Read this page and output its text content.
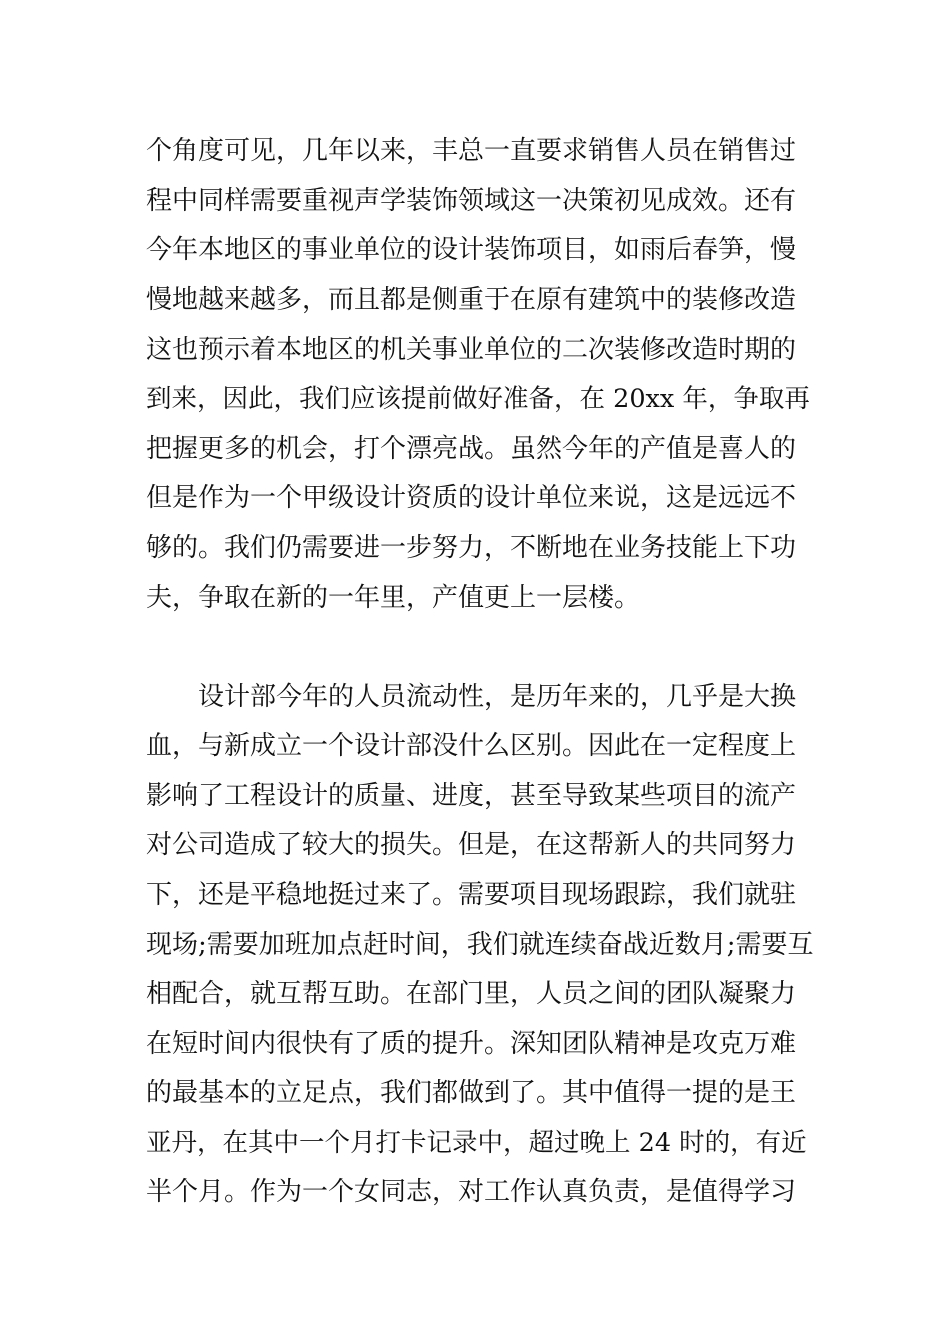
个角度可见，几年以来，丰总一直要求销售人员在销售过
程中同样需要重视声学装饰领域这一决策初见成效。还有
今年本地区的事业单位的设计装饰项目，如雨后春笋，慢
慢地越来越多，而且都是侧重于在原有建筑中的装修改造
这也预示着本地区的机关事业单位的二次装修改造时期的
到来，因此，我们应该提前做好准备，在 20xx 年，争取再
把握更多的机会，打个漂亮战。虽然今年的产值是喜人的
但是作为一个甲级设计资质的设计单位来说，这是远远不
够的。我们仍需要进一步努力，不断地在业务技能上下功
夫，争取在新的一年里，产值更上一层楼。
设计部今年的人员流动性，是历年来的，几乎是大换
血，与新成立一个设计部没什么区别。因此在一定程度上
影响了工程设计的质量、进度，甚至导致某些项目的流产
对公司造成了较大的损失。但是，在这帮新人的共同努力
下，还是平稳地挺过来了。需要项目现场跟踪，我们就驻
现场;需要加班加点赶时间，我们就连续奋战近数月;需要互
相配合，就互帮互助。在部门里，人员之间的团队凝聚力
在短时间内很快有了质的提升。深知团队精神是攻克万难
的最基本的立足点，我们都做到了。其中值得一提的是王
亚丹，在其中一个月打卡记录中，超过晚上 24 时的，有近
半个月。作为一个女同志，对工作认真负责，是值得学习
